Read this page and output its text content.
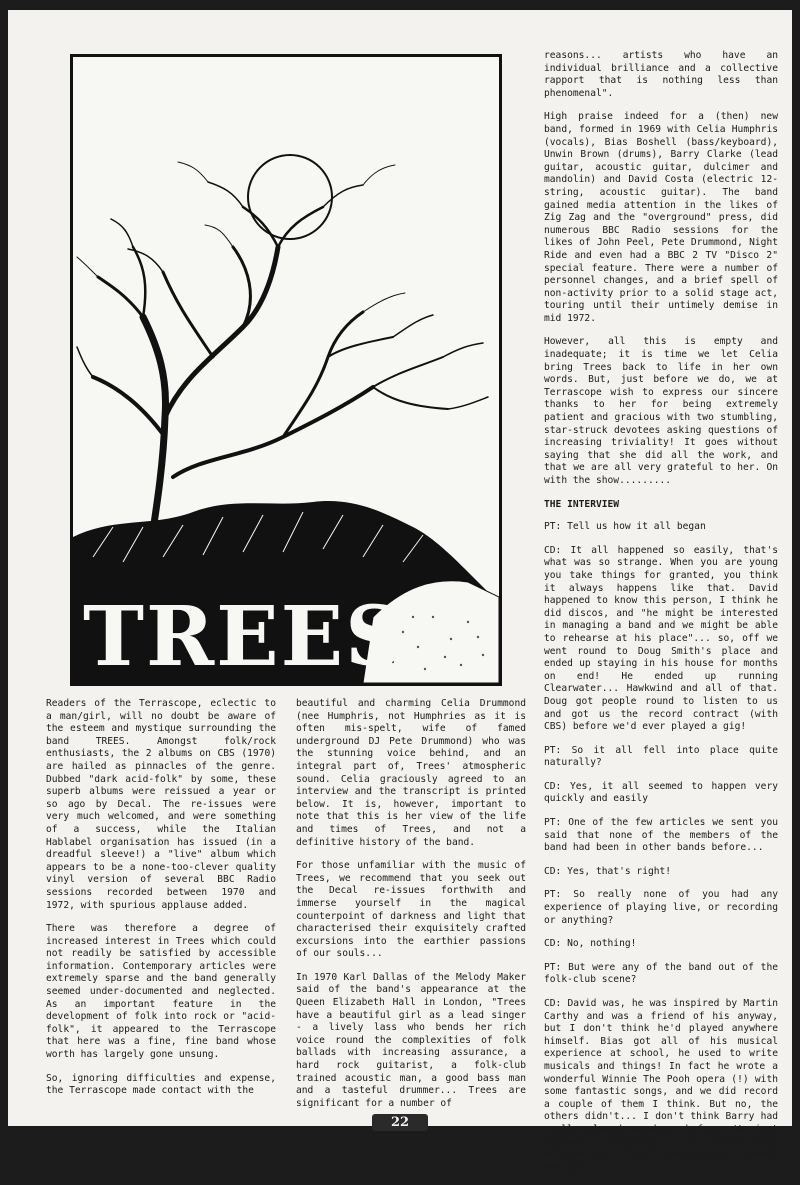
TREES

Readers of the Terrascope, eclectic to a man/girl, will no doubt be aware of the esteem and mystique surrounding the band TREES. Amongst folk/rock enthusiasts, the 2 albums on CBS (1970) are hailed as pinnacles of the genre. Dubbed "dark acid-folk" by some, these superb albums were reissued a year or so ago by Decal. The re-issues were very much welcomed, and were something of a success, while the Italian Hablabel organisation has issued (in a dreadful sleeve!) a "live" album which appears to be a none-too-clever quality vinyl version of several BBC Radio sessions recorded between 1970 and 1972, with spurious applause added.

There was therefore a degree of increased interest in Trees which could not readily be satisfied by accessible information. Contemporary articles were extremely sparse and the band generally seemed under-documented and neglected. As an important feature in the development of folk into rock or "acid-folk", it appeared to the Terrascope that here was a fine, fine band whose worth has largely gone unsung.

So, ignoring difficulties and expense, the Terrascope made contact with the

beautiful and charming Celia Drummond (nee Humphris, not Humphries as it is often mis-spelt, wife of famed underground DJ Pete Drummond) who was the stunning voice behind, and an integral part of, Trees' atmospheric sound. Celia graciously agreed to an interview and the transcript is printed below. It is, however, important to note that this is her view of the life and times of Trees, and not a definitive history of the band.

For those unfamiliar with the music of Trees, we recommend that you seek out the Decal re-issues forthwith and immerse yourself in the magical counterpoint of darkness and light that characterised their exquisitely crafted excursions into the earthier passions of our souls...

In 1970 Karl Dallas of the Melody Maker said of the band's appearance at the Queen Elizabeth Hall in London, "Trees have a beautiful girl as a lead singer - a lively lass who bends her rich voice round the complexities of folk ballads with increasing assurance, a hard rock guitarist, a folk-club trained acoustic man, a good bass man and a tasteful drummer... Trees are significant for a number of

reasons... artists who have an individual brilliance and a collective rapport that is nothing less than phenomenal".

High praise indeed for a (then) new band, formed in 1969 with Celia Humphris (vocals), Bias Boshell (bass/keyboard), Unwin Brown (drums), Barry Clarke (lead guitar, acoustic guitar, dulcimer and mandolin) and David Costa (electric 12-string, acoustic guitar). The band gained media attention in the likes of Zig Zag and the "overground" press, did numerous BBC Radio sessions for the likes of John Peel, Pete Drummond, Night Ride and even had a BBC 2 TV "Disco 2" special feature. There were a number of personnel changes, and a brief spell of non-activity prior to a solid stage act, touring until their untimely demise in mid 1972.

However, all this is empty and inadequate; it is time we let Celia bring Trees back to life in her own words. But, just before we do, we at Terrascope wish to express our sincere thanks to her for being extremely patient and gracious with two stumbling, star-struck devotees asking questions of increasing triviality! It goes without saying that she did all the work, and that we are all very grateful to her. On with the show.........

THE INTERVIEW

PT: Tell us how it all began

CD: It all happened so easily, that's what was so strange. When you are young you take things for granted, you think it always happens like that. David happened to know this person, I think he did discos, and "he might be interested in managing a band and we might be able to rehearse at his place"... so, off we went round to Doug Smith's place and ended up staying in his house for months on end! He ended up running Clearwater... Hawkwind and all of that. Doug got people round to listen to us and got us the record contract (with CBS) before we'd ever played a gig!

PT: So it all fell into place quite naturally?

CD: Yes, it all seemed to happen very quickly and easily

PT: One of the few articles we sent you said that none of the members of the band had been in other bands before...

CD: Yes, that's right!

PT: So really none of you had any experience of playing live, or recording or anything?

CD: No, nothing!

PT: But were any of the band out of the folk-club scene?

CD: David was, he was inspired by Martin Carthy and was a friend of his anyway, but I don't think he'd played anywhere himself. Bias got all of his musical experience at school, he used to write musicals and things! In fact he wrote a wonderful Winnie The Pooh opera (!) with some fantastic songs, and we did record a couple of them I think. But no, the others didn't... I don't think Barry had really played anywhere before. We just learned it together... the trouble was, we were all 'lead' instruments -nobody wanted

22
